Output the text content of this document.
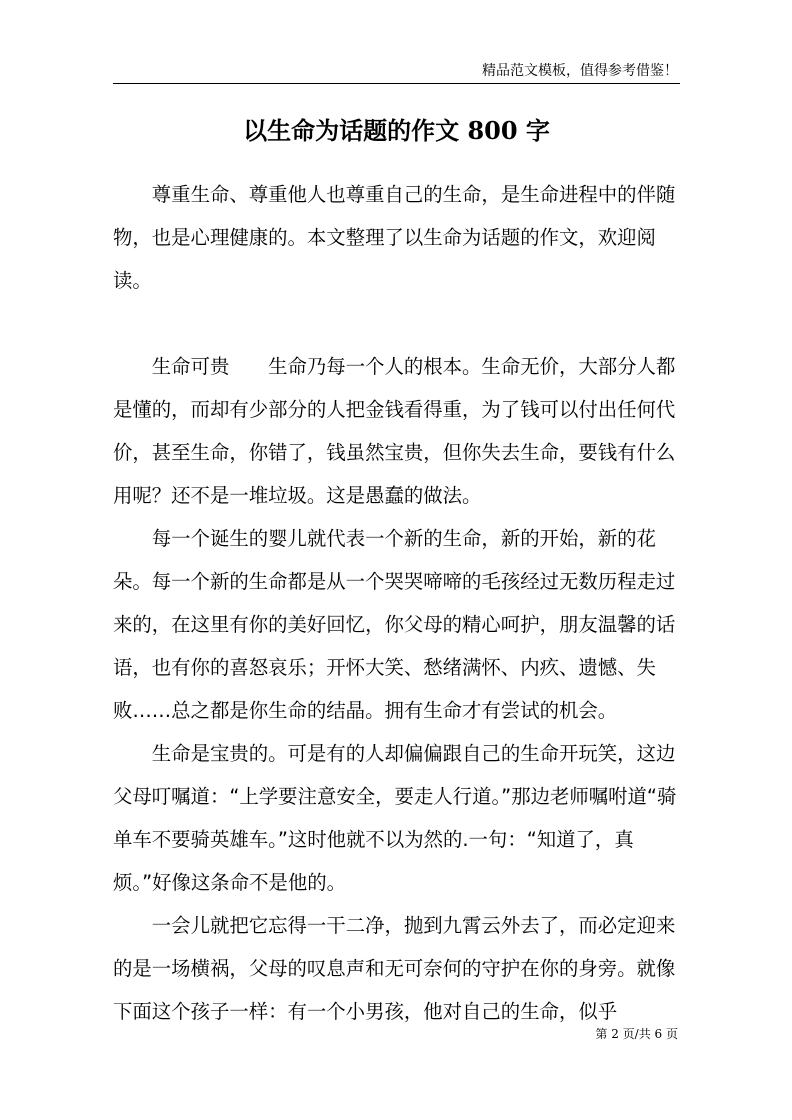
精品范文模板，值得参考借鉴！
以生命为话题的作文 800 字

尊重生命、尊重他人也尊重自己的生命，是生命进程中的伴随物，也是心理健康的。本文整理了以生命为话题的作文，欢迎阅读。

生命可贵　　生命乃每一个人的根本。生命无价，大部分人都是懂的，而却有少部分的人把金钱看得重，为了钱可以付出任何代价，甚至生命，你错了，钱虽然宝贵，但你失去生命，要钱有什么用呢？还不是一堆垃圾。这是愚蠢的做法。

每一个诞生的婴儿就代表一个新的生命，新的开始，新的花朵。每一个新的生命都是从一个哭哭啼啼的毛孩经过无数历程走过来的，在这里有你的美好回忆，你父母的精心呵护，朋友温馨的话语，也有你的喜怒哀乐；开怀大笑、愁绪满怀、内疚、遗憾、失败……总之都是你生命的结晶。拥有生命才有尝试的机会。

生命是宝贵的。可是有的人却偏偏跟自己的生命开玩笑，这边父母叮嘱道：“上学要注意安全，要走人行道。”那边老师嘱咐道“骑单车不要骑英雄车。”这时他就不以为然的.一句：“知道了，真烦。”好像这条命不是他的。

一会儿就把它忘得一干二净，抛到九霄云外去了，而必定迎来的是一场横祸，父母的叹息声和无可奈何的守护在你的身旁。就像下面这个孩子一样：有一个小男孩，他对自己的生命，似乎

第 2 页/共 6 页
